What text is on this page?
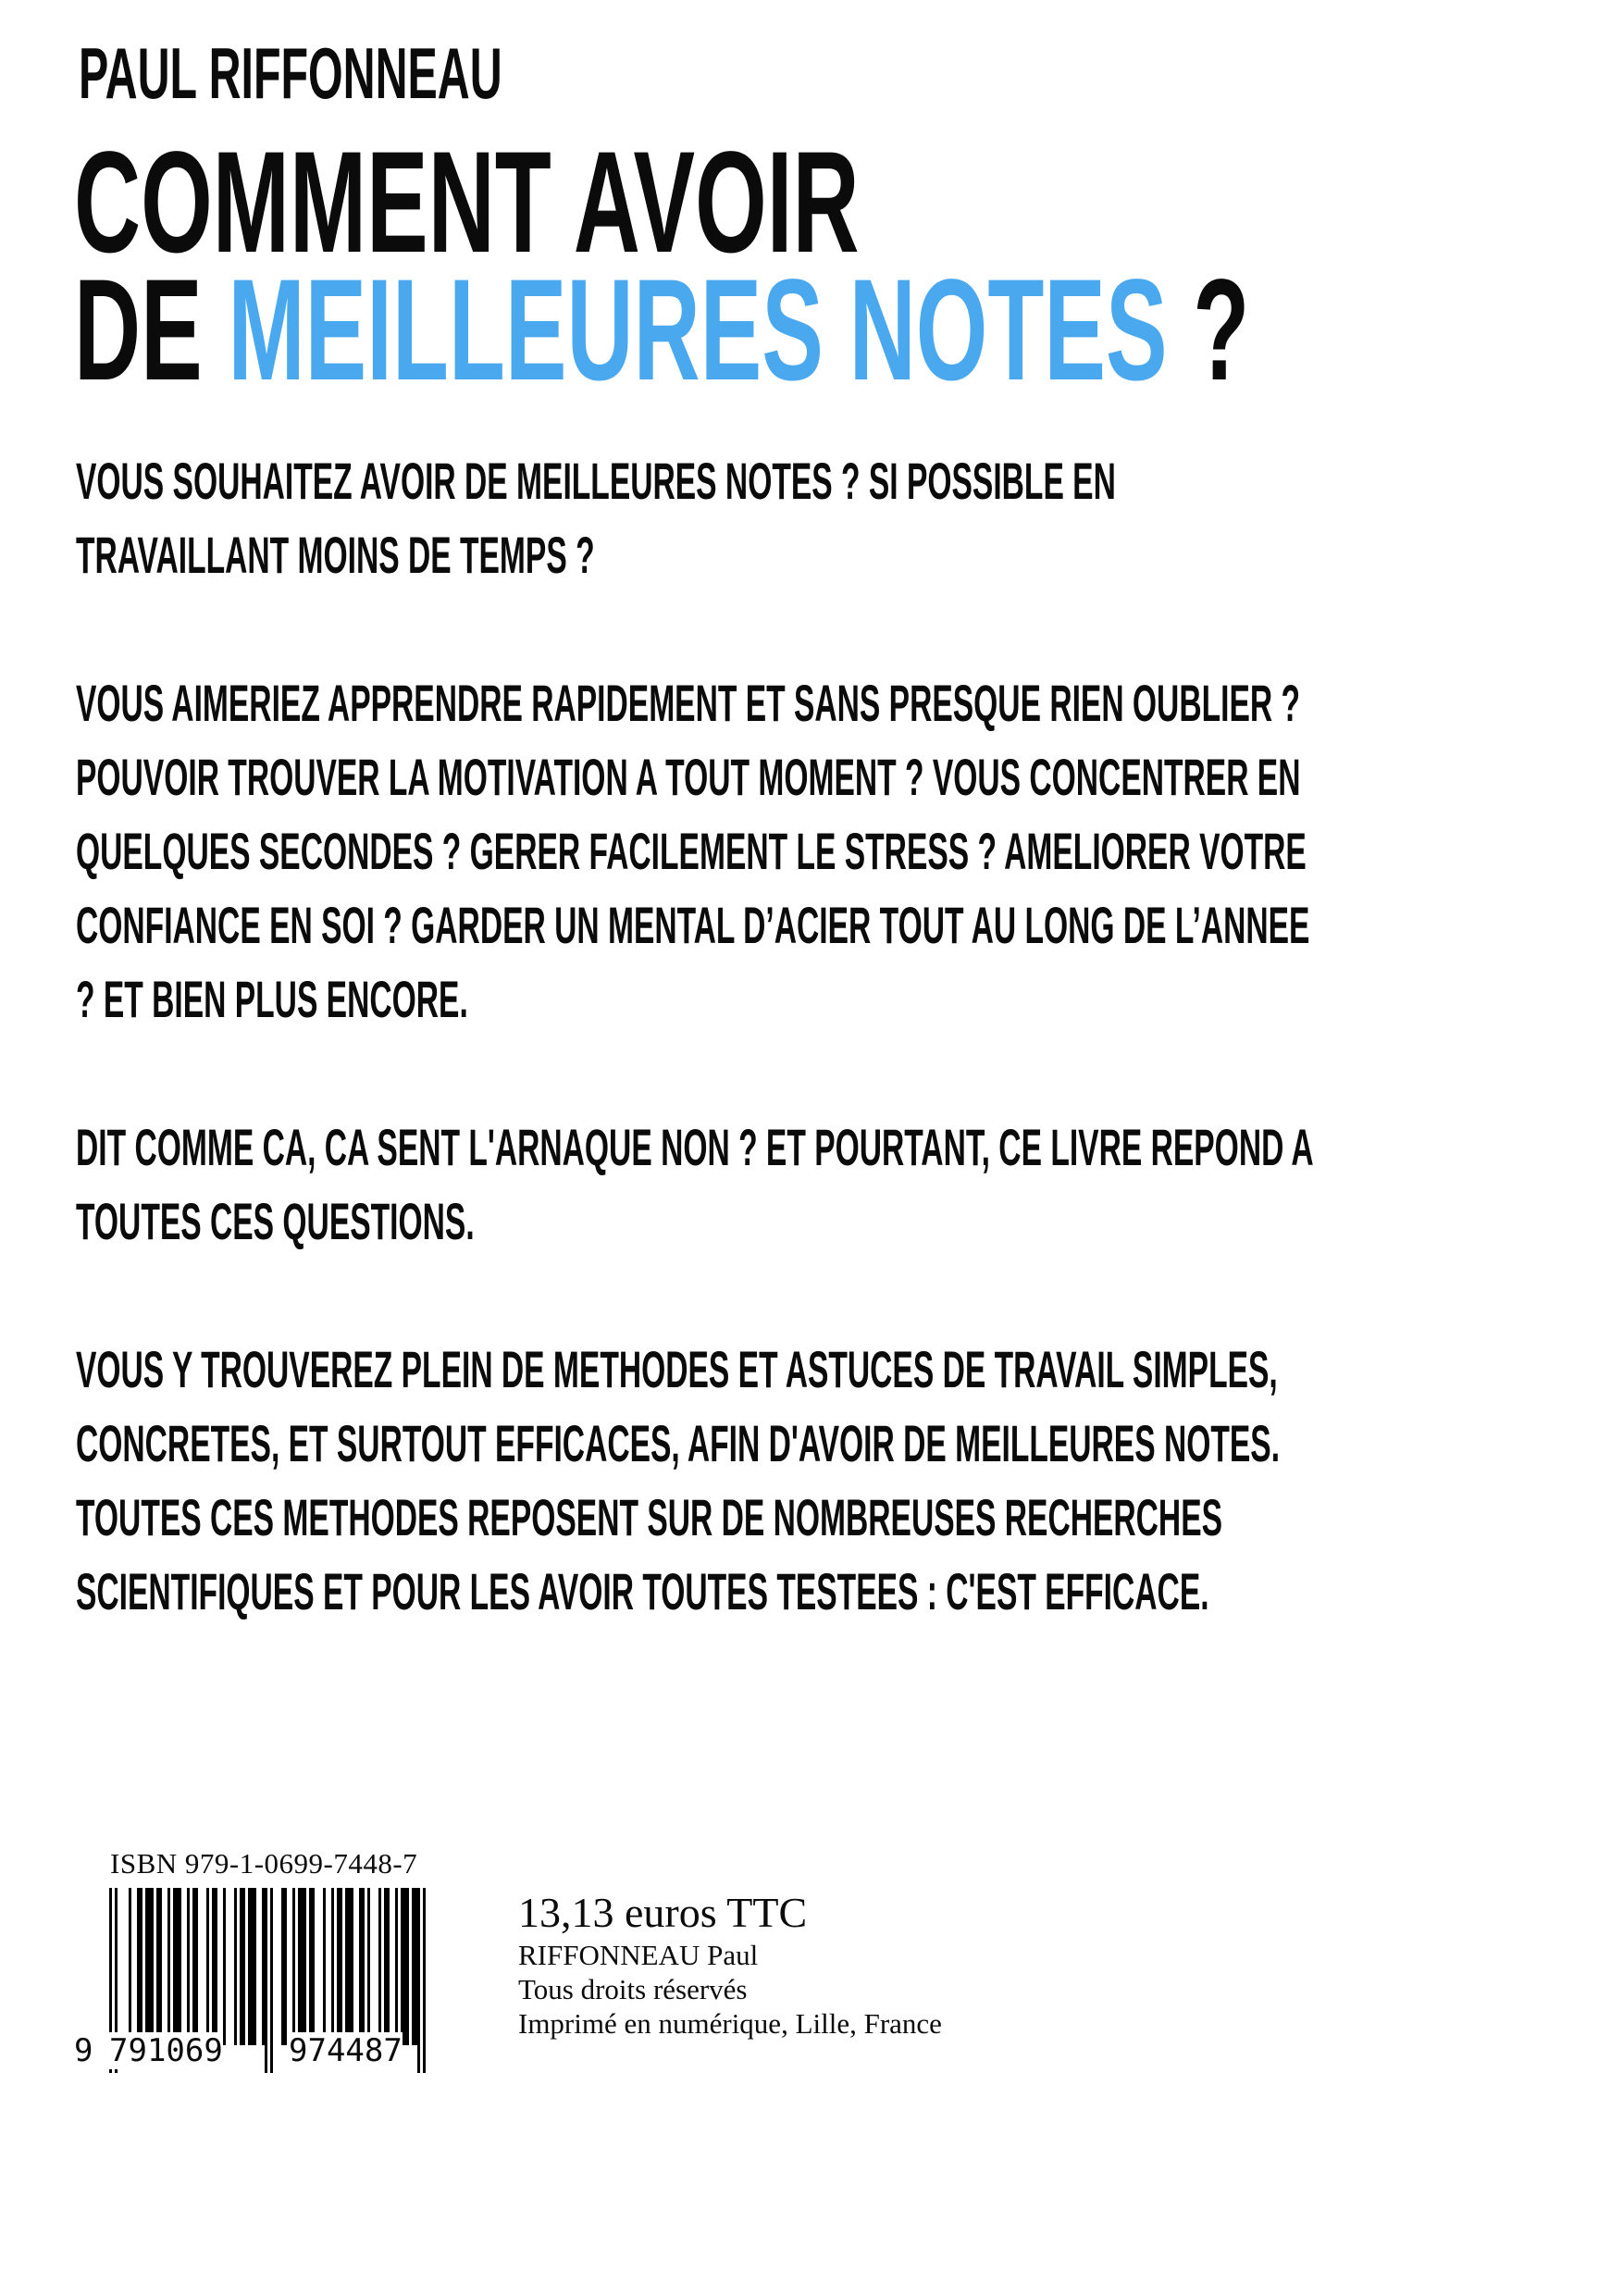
PAUL RIFFONNEAU
COMMENT AVOIR
DE MEILLEURES NOTES ?

VOUS SOUHAITEZ AVOIR DE MEILLEURES NOTES ? SI POSSIBLE EN
TRAVAILLANT MOINS DE TEMPS ?

VOUS AIMERIEZ APPRENDRE RAPIDEMENT ET SANS PRESQUE RIEN OUBLIER ?
POUVOIR TROUVER LA MOTIVATION A TOUT MOMENT ? VOUS CONCENTRER EN
QUELQUES SECONDES ? GERER FACILEMENT LE STRESS ? AMELIORER VOTRE
CONFIANCE EN SOI ? GARDER UN MENTAL D’ACIER TOUT AU LONG DE L’ANNEE
? ET BIEN PLUS ENCORE.

DIT COMME CA, CA SENT L'ARNAQUE NON ? ET POURTANT, CE LIVRE REPOND A
TOUTES CES QUESTIONS.

VOUS Y TROUVEREZ PLEIN DE METHODES ET ASTUCES DE TRAVAIL SIMPLES,
CONCRETES, ET SURTOUT EFFICACES, AFIN D'AVOIR DE MEILLEURES NOTES.
TOUTES CES METHODES REPOSENT SUR DE NOMBREUSES RECHERCHES
SCIENTIFIQUES ET POUR LES AVOIR TOUTES TESTEES : C'EST EFFICACE.

ISBN 979-1-0699-7448-7
9 791069 974487
13,13 euros TTC
RIFFONNEAU Paul
Tous droits réservés
Imprimé en numérique, Lille, France
